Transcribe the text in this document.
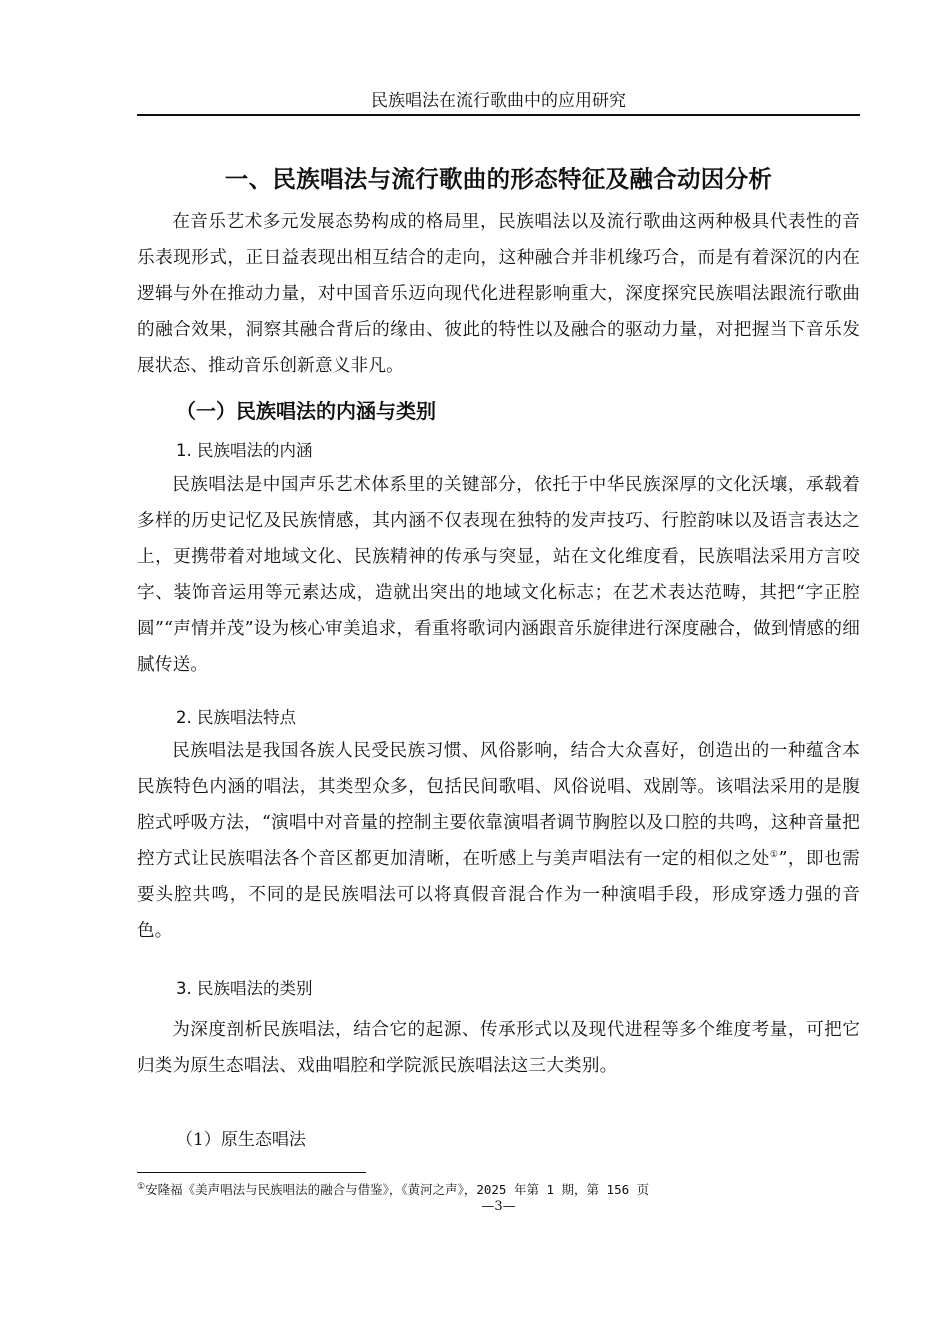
民族唱法在流行歌曲中的应用研究
一、民族唱法与流行歌曲的形态特征及融合动因分析

在音乐艺术多元发展态势构成的格局里，民族唱法以及流行歌曲这两种极具代表性的音乐表现形式，正日益表现出相互结合的走向，这种融合并非机缘巧合，而是有着深沉的内在逻辑与外在推动力量，对中国音乐迈向现代化进程影响重大，深度探究民族唱法跟流行歌曲的融合效果，洞察其融合背后的缘由、彼此的特性以及融合的驱动力量，对把握当下音乐发展状态、推动音乐创新意义非凡。

（一）民族唱法的内涵与类别
1. 民族唱法的内涵

民族唱法是中国声乐艺术体系里的关键部分，依托于中华民族深厚的文化沃壤，承载着多样的历史记忆及民族情感，其内涵不仅表现在独特的发声技巧、行腔韵味以及语言表达之上，更携带着对地域文化、民族精神的传承与突显，站在文化维度看，民族唱法采用方言咬字、装饰音运用等元素达成，造就出突出的地域文化标志；在艺术表达范畴，其把“字正腔圆”“声情并茂”设为核心审美追求，看重将歌词内涵跟音乐旋律进行深度融合，做到情感的细腻传送。

2. 民族唱法特点

民族唱法是我国各族人民受民族习惯、风俗影响，结合大众喜好，创造出的一种蕴含本民族特色内涵的唱法，其类型众多，包括民间歌唱、风俗说唱、戏剧等。该唱法采用的是腹腔式呼吸方法，“演唱中对音量的控制主要依靠演唱者调节胸腔以及口腔的共鸣，这种音量把控方式让民族唱法各个音区都更加清晰，在听感上与美声唱法有一定的相似之处①”，即也需要头腔共鸣，不同的是民族唱法可以将真假音混合作为一种演唱手段，形成穿透力强的音色。

3. 民族唱法的类别

为深度剖析民族唱法，结合它的起源、传承形式以及现代进程等多个维度考量，可把它归类为原生态唱法、戏曲唱腔和学院派民族唱法这三大类别。

（1）原生态唱法
①安隆福《美声唱法与民族唱法的融合与借鉴》，《黄河之声》，2025 年第 1 期，第 156 页
—3—
